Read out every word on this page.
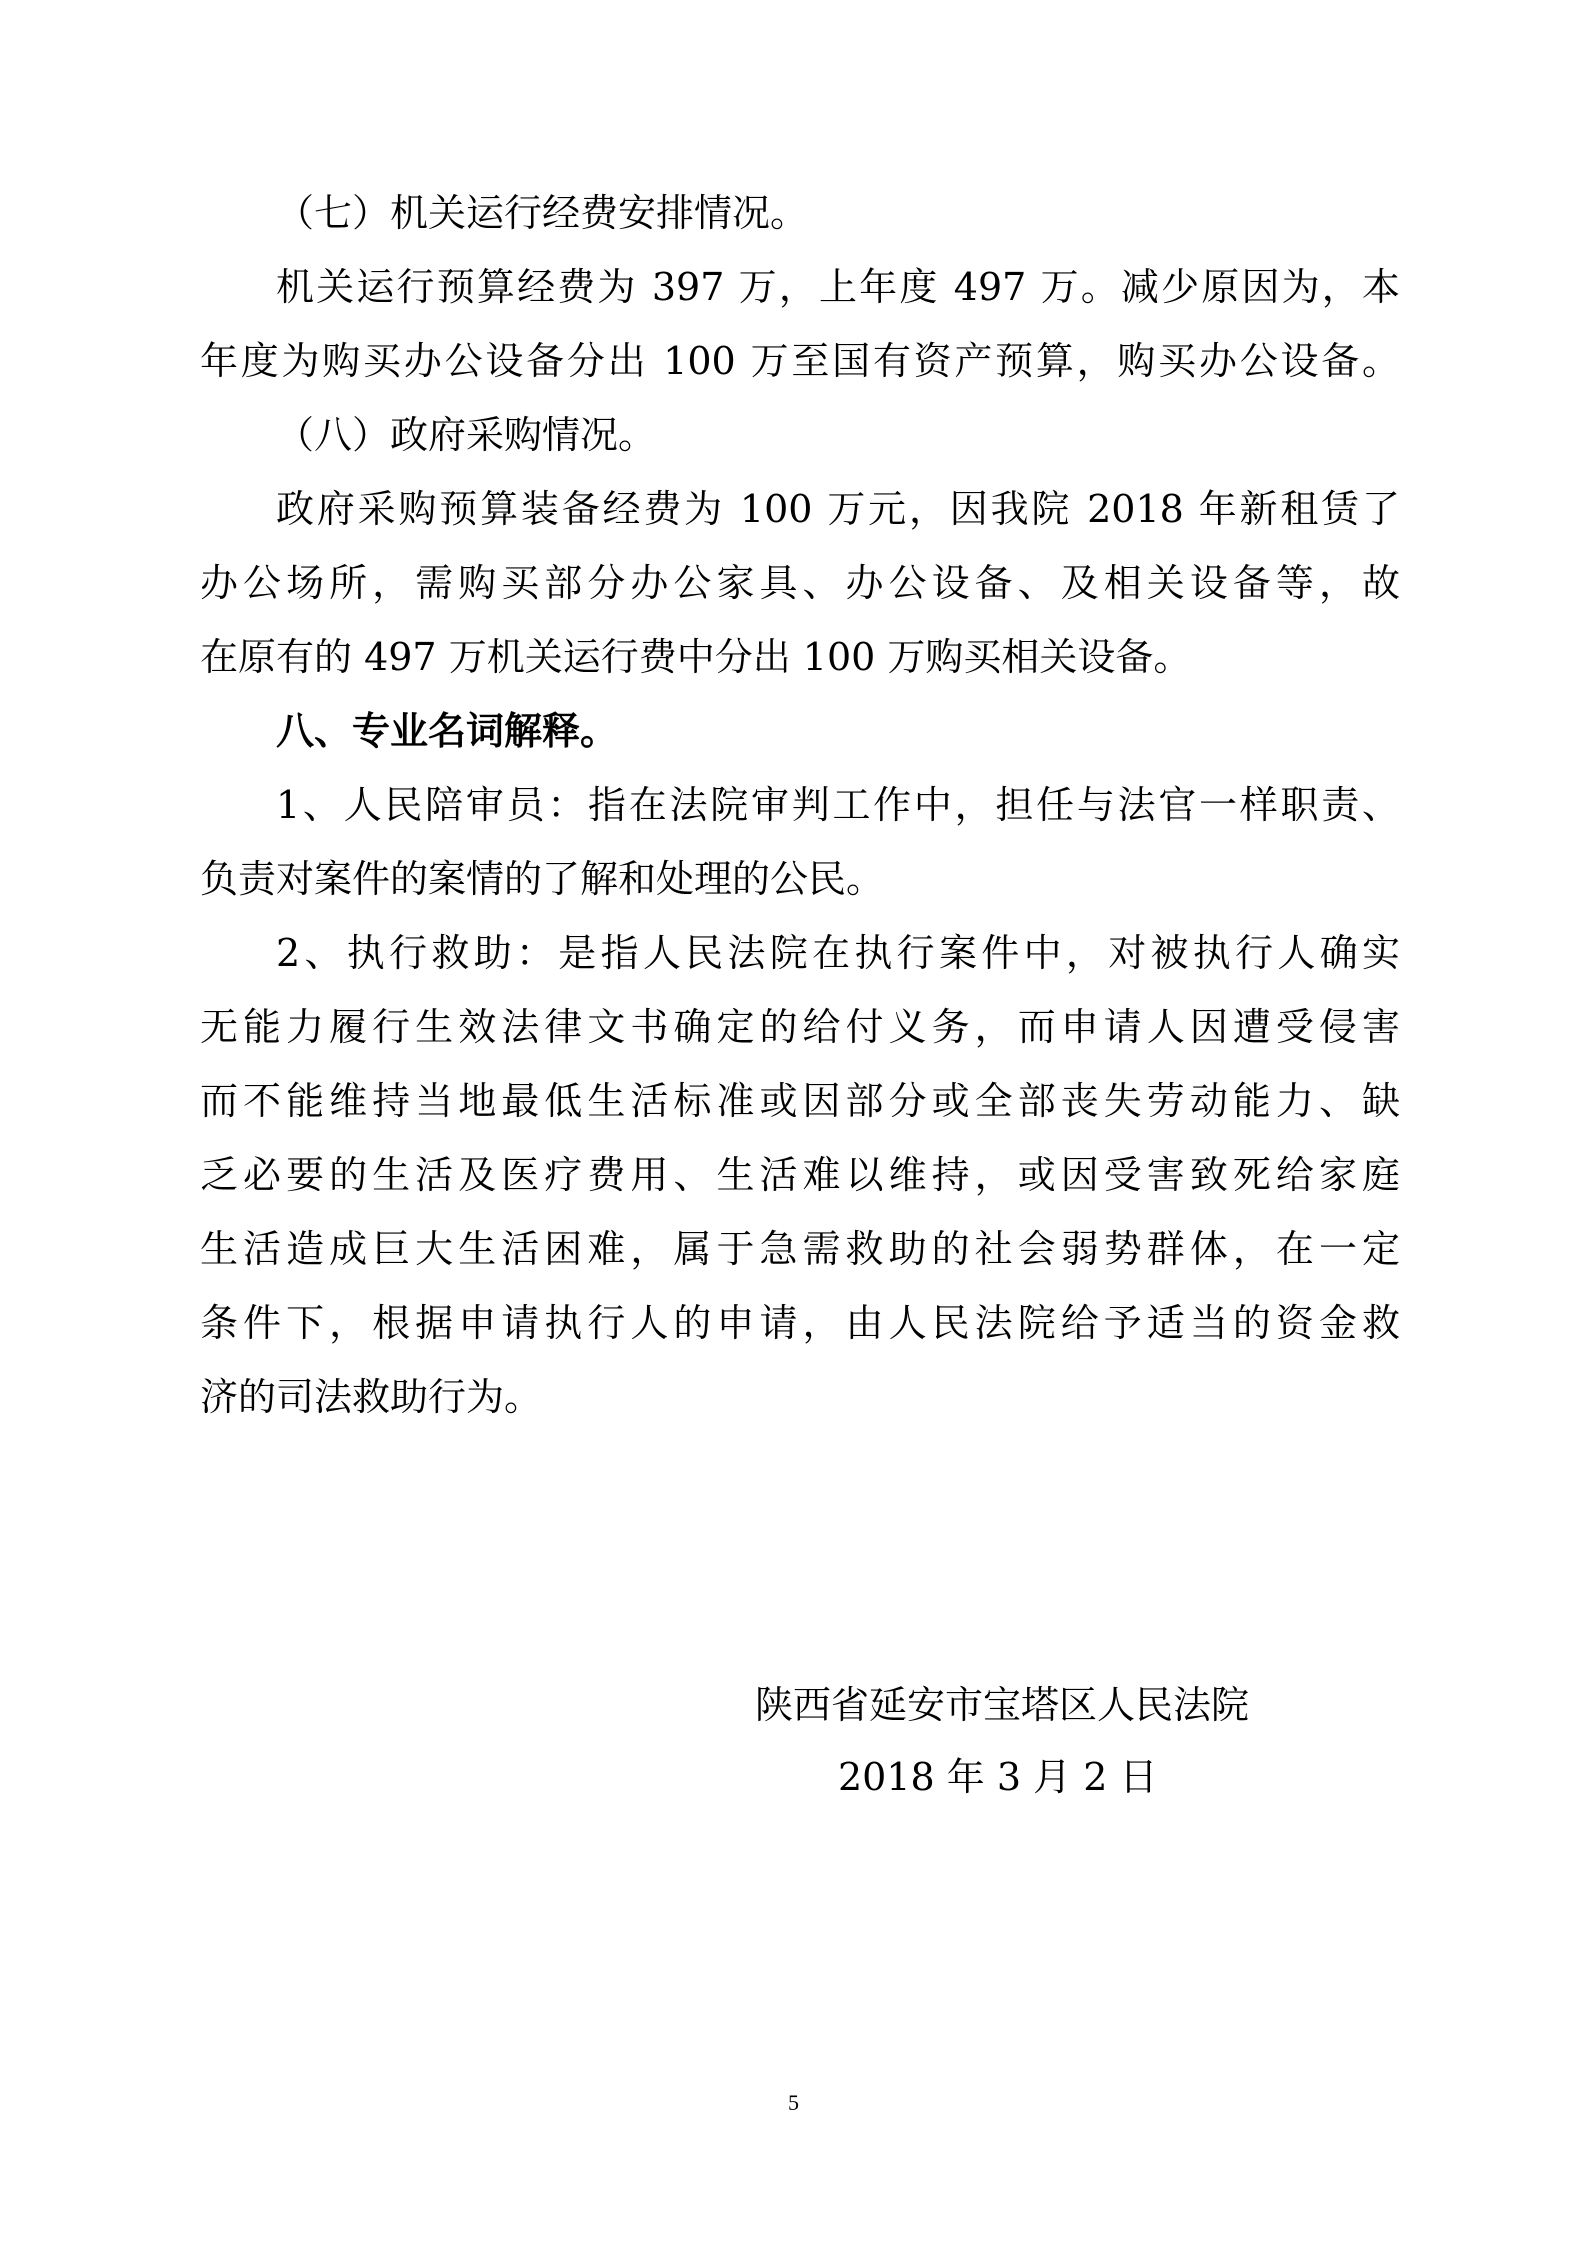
（七）机关运行经费安排情况。
机关运行预算经费为 397 万，上年度 497 万。减少原因为，本
年度为购买办公设备分出 100 万至国有资产预算，购买办公设备。
（八）政府采购情况。
政府采购预算装备经费为 100 万元，因我院 2018 年新租赁了
办公场所，需购买部分办公家具、办公设备、及相关设备等，故
在原有的 497 万机关运行费中分出 100 万购买相关设备。
八、专业名词解释。
1、人民陪审员：指在法院审判工作中，担任与法官一样职责、
负责对案件的案情的了解和处理的公民。
2、执行救助：是指人民法院在执行案件中，对被执行人确实
无能力履行生效法律文书确定的给付义务，而申请人因遭受侵害
而不能维持当地最低生活标准或因部分或全部丧失劳动能力、缺
乏必要的生活及医疗费用、生活难以维持，或因受害致死给家庭
生活造成巨大生活困难，属于急需救助的社会弱势群体，在一定
条件下，根据申请执行人的申请，由人民法院给予适当的资金救
济的司法救助行为。
陕西省延安市宝塔区人民法院
2018 年 3 月 2 日
5
